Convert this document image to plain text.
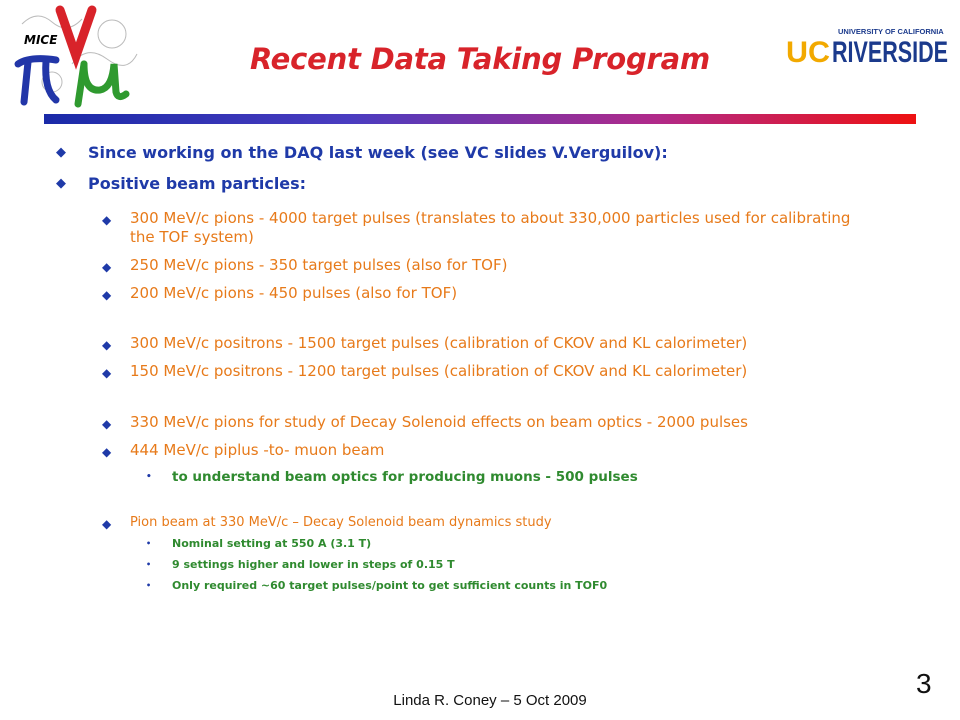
MICE
Recent Data Taking Program
UNIVERSITY OF CALIFORNIA
UC RIVERSIDE
◆	Since working on the DAQ last week (see VC slides V.Verguilov):
◆	Positive beam particles:
◆	300 MeV/c pions - 4000 target pulses (translates to about 330,000 particles used for calibrating the TOF system)
◆	250 MeV/c pions - 350 target pulses (also for TOF)
◆	200 MeV/c pions - 450 pulses (also for TOF)
◆	300 MeV/c positrons - 1500 target pulses (calibration of CKOV and KL calorimeter)
◆	150 MeV/c positrons - 1200 target pulses (calibration of CKOV and KL calorimeter)
◆	330 MeV/c pions for study of Decay Solenoid effects on beam optics - 2000 pulses
◆	444 MeV/c piplus -to- muon beam
•	to understand beam optics for producing muons - 500 pulses
◆	Pion beam at 330 MeV/c – Decay Solenoid beam dynamics study
•	Nominal setting at 550 A (3.1 T)
•	9 settings higher and lower in steps of 0.15 T
•	Only required ~60 target pulses/point to get sufficient counts in TOF0
3
Linda R. Coney – 5 Oct 2009
